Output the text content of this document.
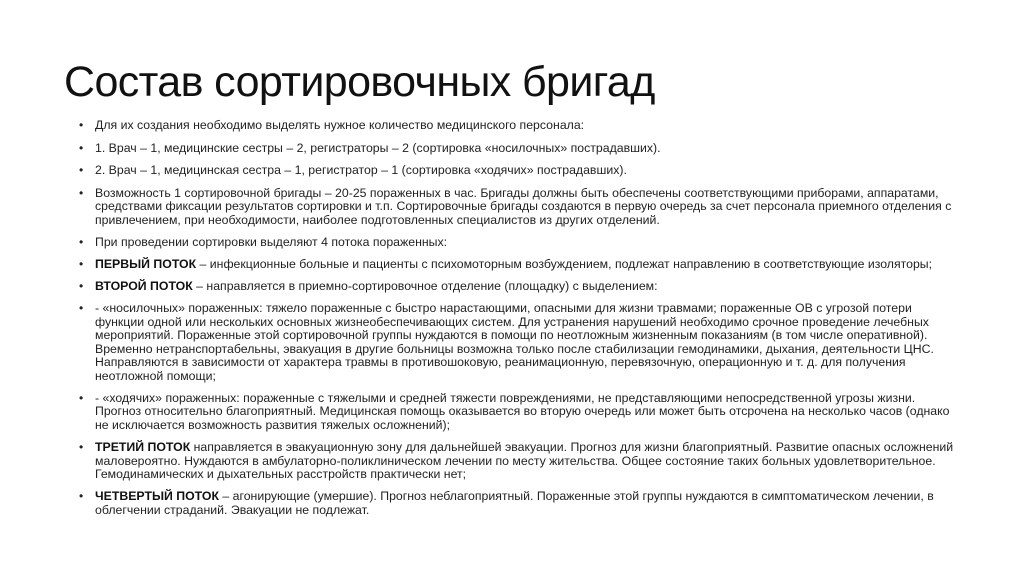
Состав сортировочных бригад
• Для их создания необходимо выделять нужное количество медицинского персонала:
• 1. Врач – 1, медицинские сестры – 2, регистраторы – 2 (сортировка «носилочных» пострадавших).
• 2. Врач – 1, медицинская сестра – 1, регистратор – 1 (сортировка «ходячих» пострадавших).
• Возможность 1 сортировочной бригады – 20-25 пораженных в час. Бригады должны быть обеспечены соответствующими приборами, аппаратами, средствами фиксации результатов сортировки и т.п. Сортировочные бригады создаются в первую очередь за счет персонала приемного отделения с привлечением, при необходимости, наиболее подготовленных специалистов из других отделений.
• При проведении сортировки выделяют 4 потока пораженных:
• ПЕРВЫЙ ПОТОК – инфекционные больные и пациенты с психомоторным возбуждением, подлежат направлению в соответствующие изоляторы;
• ВТОРОЙ ПОТОК – направляется в приемно-сортировочное отделение (площадку) с выделением:
• - «носилочных» пораженных: тяжело пораженные с быстро нарастающими, опасными для жизни травмами; пораженные ОВ с угрозой потери функции одной или нескольких основных жизнеобеспечивающих систем. Для устранения нарушений необходимо срочное проведение лечебных мероприятий. Пораженные этой сортировочной группы нуждаются в помощи по неотложным жизненным показаниям (в том числе оперативной). Временно нетранспортабельны, эвакуация в другие больницы возможна только после стабилизации гемодинамики, дыхания, деятельности ЦНС. Направляются в зависимости от характера травмы в противошоковую, реанимационную, перевязочную, операционную и т. д. для получения неотложной помощи;
• - «ходячих» пораженных: пораженные с тяжелыми и средней тяжести повреждениями, не представляющими непосредственной угрозы жизни. Прогноз относительно благоприятный. Медицинская помощь оказывается во вторую очередь или может быть отсрочена на несколько часов (однако не исключается возможность развития тяжелых осложнений);
• ТРЕТИЙ ПОТОК направляется в эвакуационную зону для дальнейшей эвакуации. Прогноз для жизни благоприятный. Развитие опасных осложнений маловероятно. Нуждаются в амбулаторно-поликлиническом лечении по месту жительства. Общее состояние таких больных удовлетворительное. Гемодинамических и дыхательных расстройств практически нет;
• ЧЕТВЕРТЫЙ ПОТОК – агонирующие (умершие). Прогноз неблагоприятный. Пораженные этой группы нуждаются в симптоматическом лечении, в облегчении страданий. Эвакуации не подлежат.
